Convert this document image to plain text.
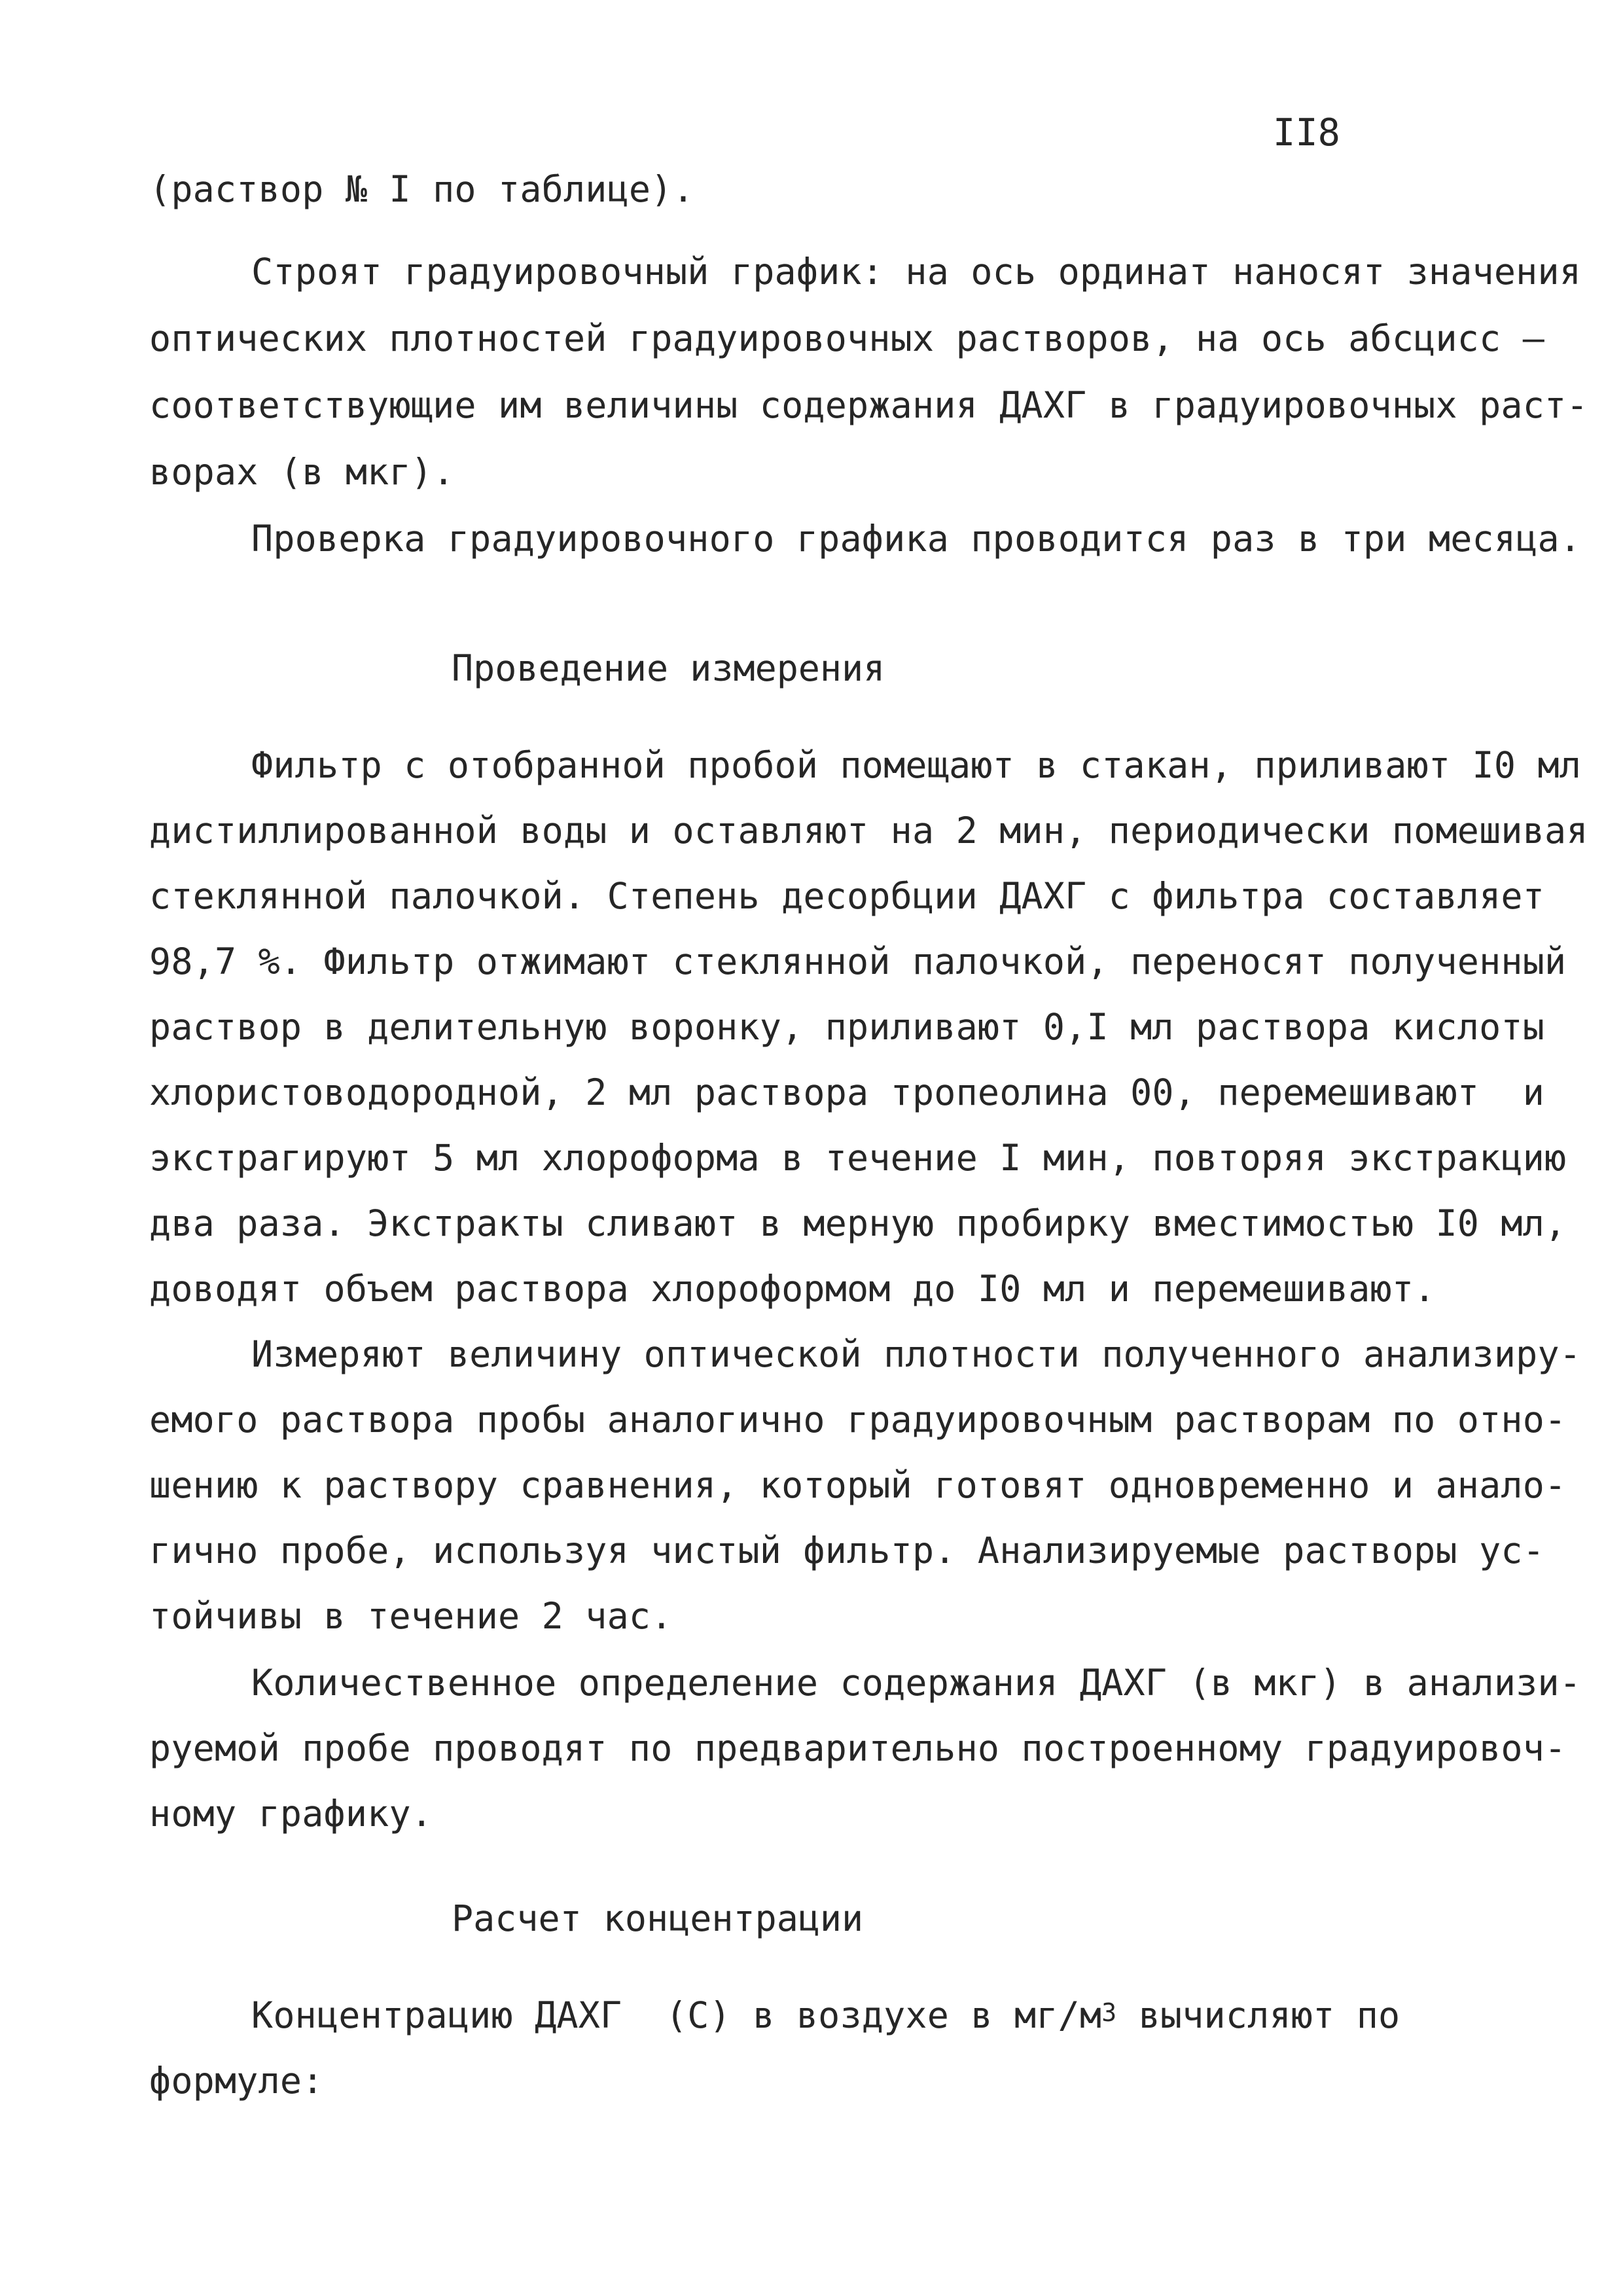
II8
(раствор № I по таблице).
Строят градуировочный график: на ось ординат наносят значения
оптических плотностей градуировочных растворов, на ось абсцисс –
соответствующие им величины содержания ДАХГ в градуировочных раст-
ворах (в мкг).
Проверка градуировочного графика проводится раз в три месяца.
Проведение измерения
Фильтр с отобранной пробой помещают в стакан, приливают I0 мл
дистиллированной воды и оставляют на 2 мин, периодически помешивая
стеклянной палочкой. Степень десорбции ДАХГ с фильтра составляет
98,7 %. Фильтр отжимают стеклянной палочкой, переносят полученный
раствор в делительную воронку, приливают 0,I мл раствора кислоты
хлористоводородной, 2 мл раствора тропеолина 00, перемешивают  и
экстрагируют 5 мл хлороформа в течение I мин, повторяя экстракцию
два раза. Экстракты сливают в мерную пробирку вместимостью I0 мл,
доводят объем раствора хлороформом до I0 мл и перемешивают.
Измеряют величину оптической плотности полученного анализиру-
емого раствора пробы аналогично градуировочным растворам по отно-
шению к раствору сравнения, который готовят одновременно и анало-
гично пробе, используя чистый фильтр. Анализируемые растворы ус-
тойчивы в течение 2 час.
Количественное определение содержания ДАХГ (в мкг) в анализи-
руемой пробе проводят по предварительно построенному градуировоч-
ному графику.
Расчет концентрации
Концентрацию ДАХГ  (С) в воздухе в $мг/м^3$ вычисляют по
формуле:
